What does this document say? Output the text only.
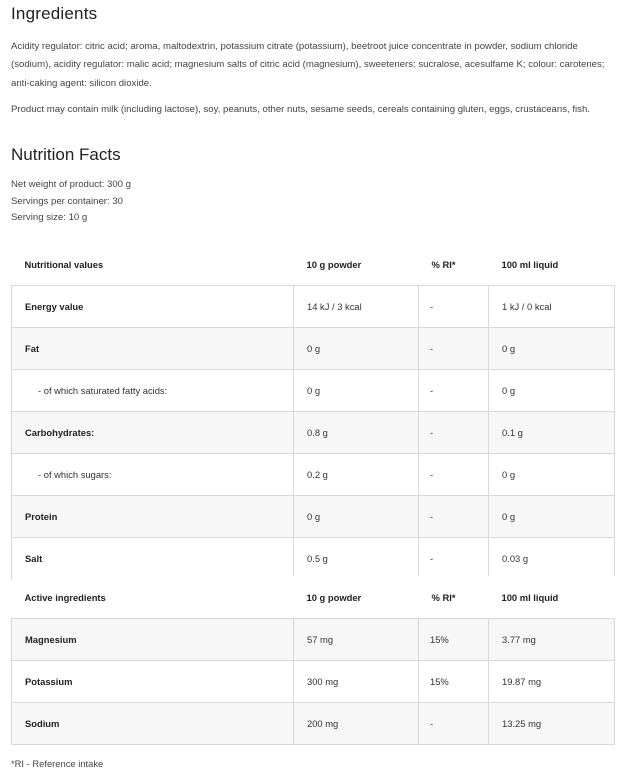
Ingredients
Acidity regulator: citric acid; aroma, maltodextrin, potassium citrate (potassium), beetroot juice concentrate in powder, sodium chloride (sodium), acidity regulator: malic acid; magnesium salts of citric acid (magnesium), sweeteners: sucralose, acesulfame K; colour: carotenes; anti-caking agent: silicon dioxide.
Product may contain milk (including lactose), soy, peanuts, other nuts, sesame seeds, cereals containing gluten, eggs, crustaceans, fish.
Nutrition Facts
Net weight of product: 300 g
Servings per container: 30
Serving size: 10 g
Nutritional values	10 g powder	% RI*	100 ml liquid
Energy value	14 kJ / 3 kcal	-	1 kJ / 0 kcal
Fat	0 g	-	0 g
- of which saturated fatty acids:	0 g	-	0 g
Carbohydrates:	0.8 g	-	0.1 g
- of which sugars:	0.2 g	-	0 g
Protein	0 g	-	0 g
Salt	0.5 g	-	0.03 g
Active ingredients	10 g powder	% RI*	100 ml liquid
Magnesium	57 mg	15%	3.77 mg
Potassium	300 mg	15%	19.87 mg
Sodium	200 mg	-	13.25 mg
*RI - Reference intake
